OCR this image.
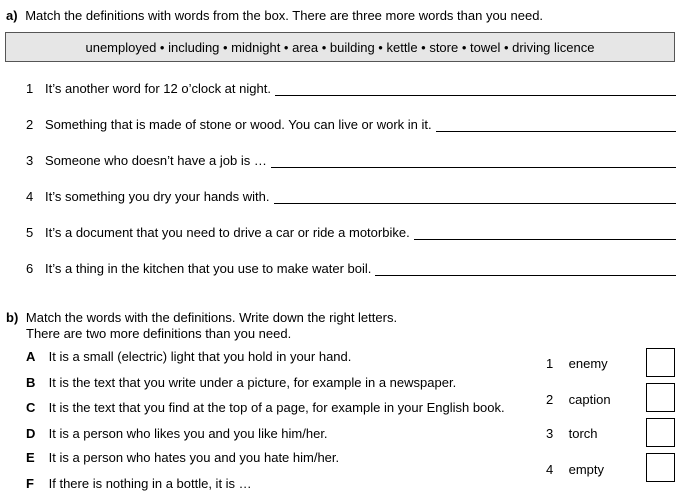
a) Match the definitions with words from the box. There are three more words than you need.
unemployed • including • midnight • area • building • kettle • store • towel • driving licence
1 It’s another word for 12 o’clock at night.
2 Something that is made of stone or wood. You can live or work in it.
3 Someone who doesn’t have a job is …
4 It’s something you dry your hands with.
5 It’s a document that you need to drive a car or ride a motorbike.
6 It’s a thing in the kitchen that you use to make water boil.
b) Match the words with the definitions. Write down the right letters.
There are two more definitions than you need.
A It is a small (electric) light that you hold in your hand.
B It is the text that you write under a picture, for example in a newspaper.
C It is the text that you find at the top of a page, for example in your English book.
D It is a person who likes you and you like him/her.
E It is a person who hates you and you hate him/her.
F If there is nothing in a bottle, it is …
1 enemy
2 caption
3 torch
4 empty
